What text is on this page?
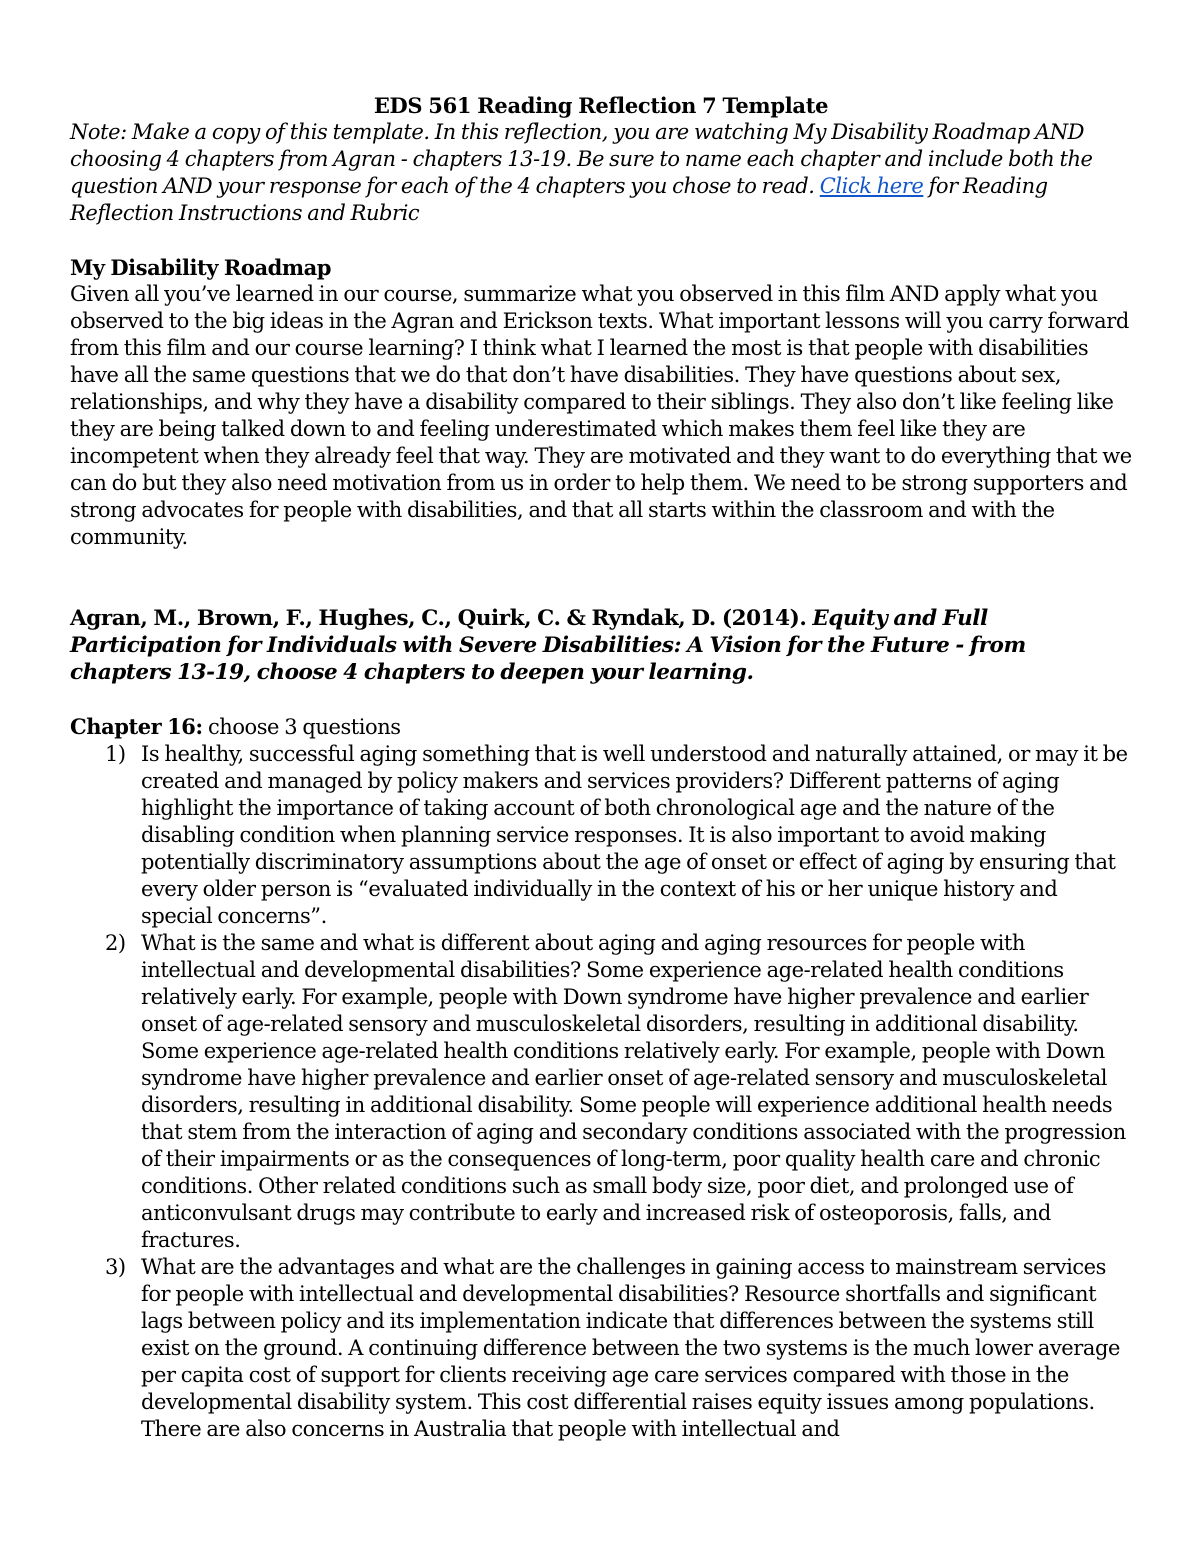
EDS 561 Reading Reflection 7 Template

Note: Make a copy of this template. In this reflection, you are watching My Disability Roadmap AND choosing 4 chapters from Agran - chapters 13-19. Be sure to name each chapter and include both the question AND your response for each of the 4 chapters you chose to read. Click here for Reading Reflection Instructions and Rubric

My Disability Roadmap

Given all you’ve learned in our course, summarize what you observed in this film AND apply what you observed to the big ideas in the Agran and Erickson texts. What important lessons will you carry forward from this film and our course learning? I think what I learned the most is that people with disabilities have all the same questions that we do that don’t have disabilities. They have questions about sex, relationships, and why they have a disability compared to their siblings. They also don’t like feeling like they are being talked down to and feeling underestimated which makes them feel like they are incompetent when they already feel that way. They are motivated and they want to do everything that we can do but they also need motivation from us in order to help them. We need to be strong supporters and strong advocates for people with disabilities, and that all starts within the classroom and with the community.

Agran, M., Brown, F., Hughes, C., Quirk, C. & Ryndak, D. (2014). Equity and Full Participation for Individuals with Severe Disabilities: A Vision for the Future - from chapters 13-19, choose 4 chapters to deepen your learning.

Chapter 16: choose 3 questions

1) Is healthy, successful aging something that is well understood and naturally attained, or may it be created and managed by policy makers and services providers? Different patterns of aging highlight the importance of taking account of both chronological age and the nature of the disabling condition when planning service responses. It is also important to avoid making potentially discriminatory assumptions about the age of onset or effect of aging by ensuring that every older person is “evaluated individually in the context of his or her unique history and special concerns”.
2) What is the same and what is different about aging and aging resources for people with intellectual and developmental disabilities? Some experience age-related health conditions relatively early. For example, people with Down syndrome have higher prevalence and earlier onset of age-related sensory and musculoskeletal disorders, resulting in additional disability. Some experience age-related health conditions relatively early. For example, people with Down syndrome have higher prevalence and earlier onset of age-related sensory and musculoskeletal disorders, resulting in additional disability. Some people will experience additional health needs that stem from the interaction of aging and secondary conditions associated with the progression of their impairments or as the consequences of long-term, poor quality health care and chronic conditions. Other related conditions such as small body size, poor diet, and prolonged use of anticonvulsant drugs may contribute to early and increased risk of osteoporosis, falls, and fractures.
3) What are the advantages and what are the challenges in gaining access to mainstream services for people with intellectual and developmental disabilities? Resource shortfalls and significant lags between policy and its implementation indicate that differences between the systems still exist on the ground. A continuing difference between the two systems is the much lower average per capita cost of support for clients receiving age care services compared with those in the developmental disability system. This cost differential raises equity issues among populations. There are also concerns in Australia that people with intellectual and
